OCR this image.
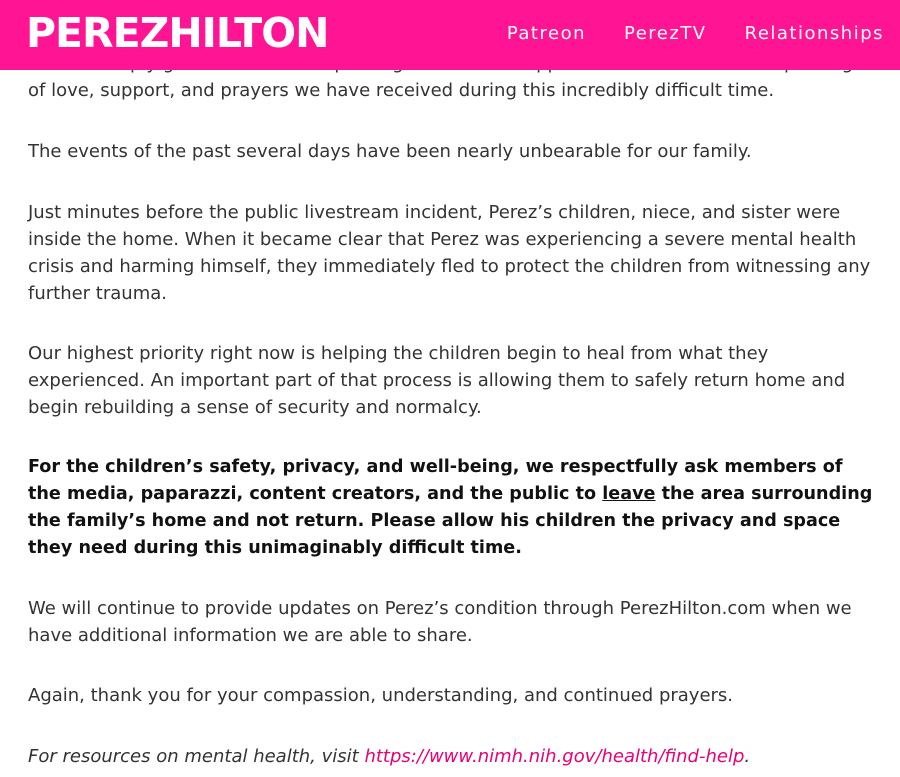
PEREZHILTON	Patreon PerezTV Relationships

of love, support, and prayers we have received during this incredibly difficult time.

The events of the past several days have been nearly unbearable for our family.

Just minutes before the public livestream incident, Perez’s children, niece, and sister were inside the home. When it became clear that Perez was experiencing a severe mental health crisis and harming himself, they immediately fled to protect the children from witnessing any further trauma.

Our highest priority right now is helping the children begin to heal from what they experienced. An important part of that process is allowing them to safely return home and begin rebuilding a sense of security and normalcy.

For the children’s safety, privacy, and well-being, we respectfully ask members of the media, paparazzi, content creators, and the public to leave the area surrounding the family’s home and not return. Please allow his children the privacy and space they need during this unimaginably difficult time.

We will continue to provide updates on Perez’s condition through PerezHilton.com when we have additional information we are able to share.

Again, thank you for your compassion, understanding, and continued prayers.

For resources on mental health, visit https://www.nimh.nih.gov/health/find-help.
